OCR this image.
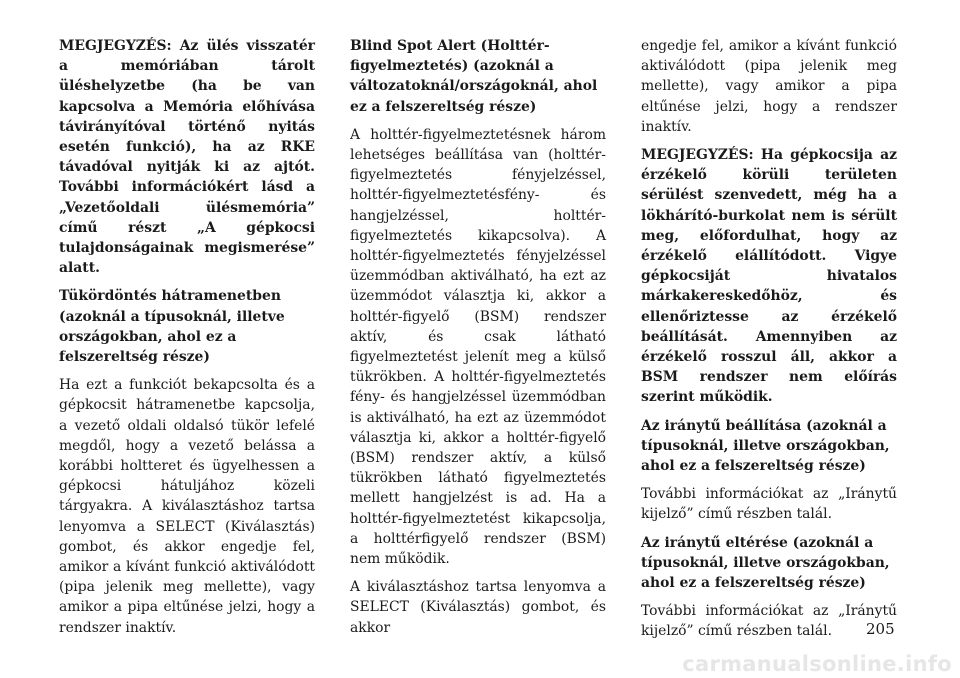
MEGJEGYZÉS: Az ülés visszatér a memóriában tárolt üléshelyzetbe (ha be van kapcsolva a Memória előhívása távirányítóval történő nyitás esetén funkció), ha az RKE távadóval nyitják ki az ajtót. További információkért lásd a „Vezetőoldali ülésmemória” című részt „A gépkocsi tulajdonságainak megismerése” alatt.

Tükördöntés hátramenetben (azoknál a típusoknál, illetve országokban, ahol ez a felszereltség része)

Ha ezt a funkciót bekapcsolta és a gépkocsit hátramenetbe kapcsolja, a vezető oldali oldalsó tükör lefelé megdől, hogy a vezető belássa a korábbi holtteret és ügyelhessen a gépkocsi hátuljához közeli tárgyakra. A kiválasztáshoz tartsa lenyomva a SELECT (Kiválasztás) gombot, és akkor engedje fel, amikor a kívánt funkció aktiválódott (pipa jelenik meg mellette), vagy amikor a pipa eltűnése jelzi, hogy a rendszer inaktív.

Blind Spot Alert (Holttér-figyelmeztetés) (azoknál a változatoknál/országoknál, ahol ez a felszereltség része)

A holttér-figyelmeztetésnek három lehetséges beállítása van (holttér-figyelmeztetés fényjelzéssel, holttér-figyelmeztetésfény- és hangjelzéssel, holttér-figyelmeztetés kikapcsolva). A holttér-figyelmeztetés fényjelzéssel üzemmódban aktiválható, ha ezt az üzemmódot választja ki, akkor a holttér-figyelő (BSM) rendszer aktív, és csak látható figyelmeztetést jelenít meg a külső tükrökben. A holttér-figyelmeztetés fény- és hangjelzéssel üzemmódban is aktiválható, ha ezt az üzemmódot választja ki, akkor a holttér-figyelő (BSM) rendszer aktív, a külső tükrökben látható figyelmeztetés mellett hangjelzést is ad. Ha a holttér-figyelmeztetést kikapcsolja, a holttérfigyelő rendszer (BSM) nem működik.

A kiválasztáshoz tartsa lenyomva a SELECT (Kiválasztás) gombot, és akkor

engedje fel, amikor a kívánt funkció aktiválódott (pipa jelenik meg mellette), vagy amikor a pipa eltűnése jelzi, hogy a rendszer inaktív.

MEGJEGYZÉS: Ha gépkocsija az érzékelő körüli területen sérülést szenvedett, még ha a lökhárító-burkolat nem is sérült meg, előfordulhat, hogy az érzékelő elállítódott. Vigye gépkocsiját hivatalos márkakereskedőhöz, és ellenőriztesse az érzékelő beállítását. Amennyiben az érzékelő rosszul áll, akkor a BSM rendszer nem előírás szerint működik.

Az iránytű beállítása (azoknál a típusoknál, illetve országokban, ahol ez a felszereltség része)

További információkat az „Iránytű kijelző” című részben talál.

Az iránytű eltérése (azoknál a típusoknál, illetve országokban, ahol ez a felszereltség része)

További információkat az „Iránytű kijelző” című részben talál.	205
carmanualsonline.info
